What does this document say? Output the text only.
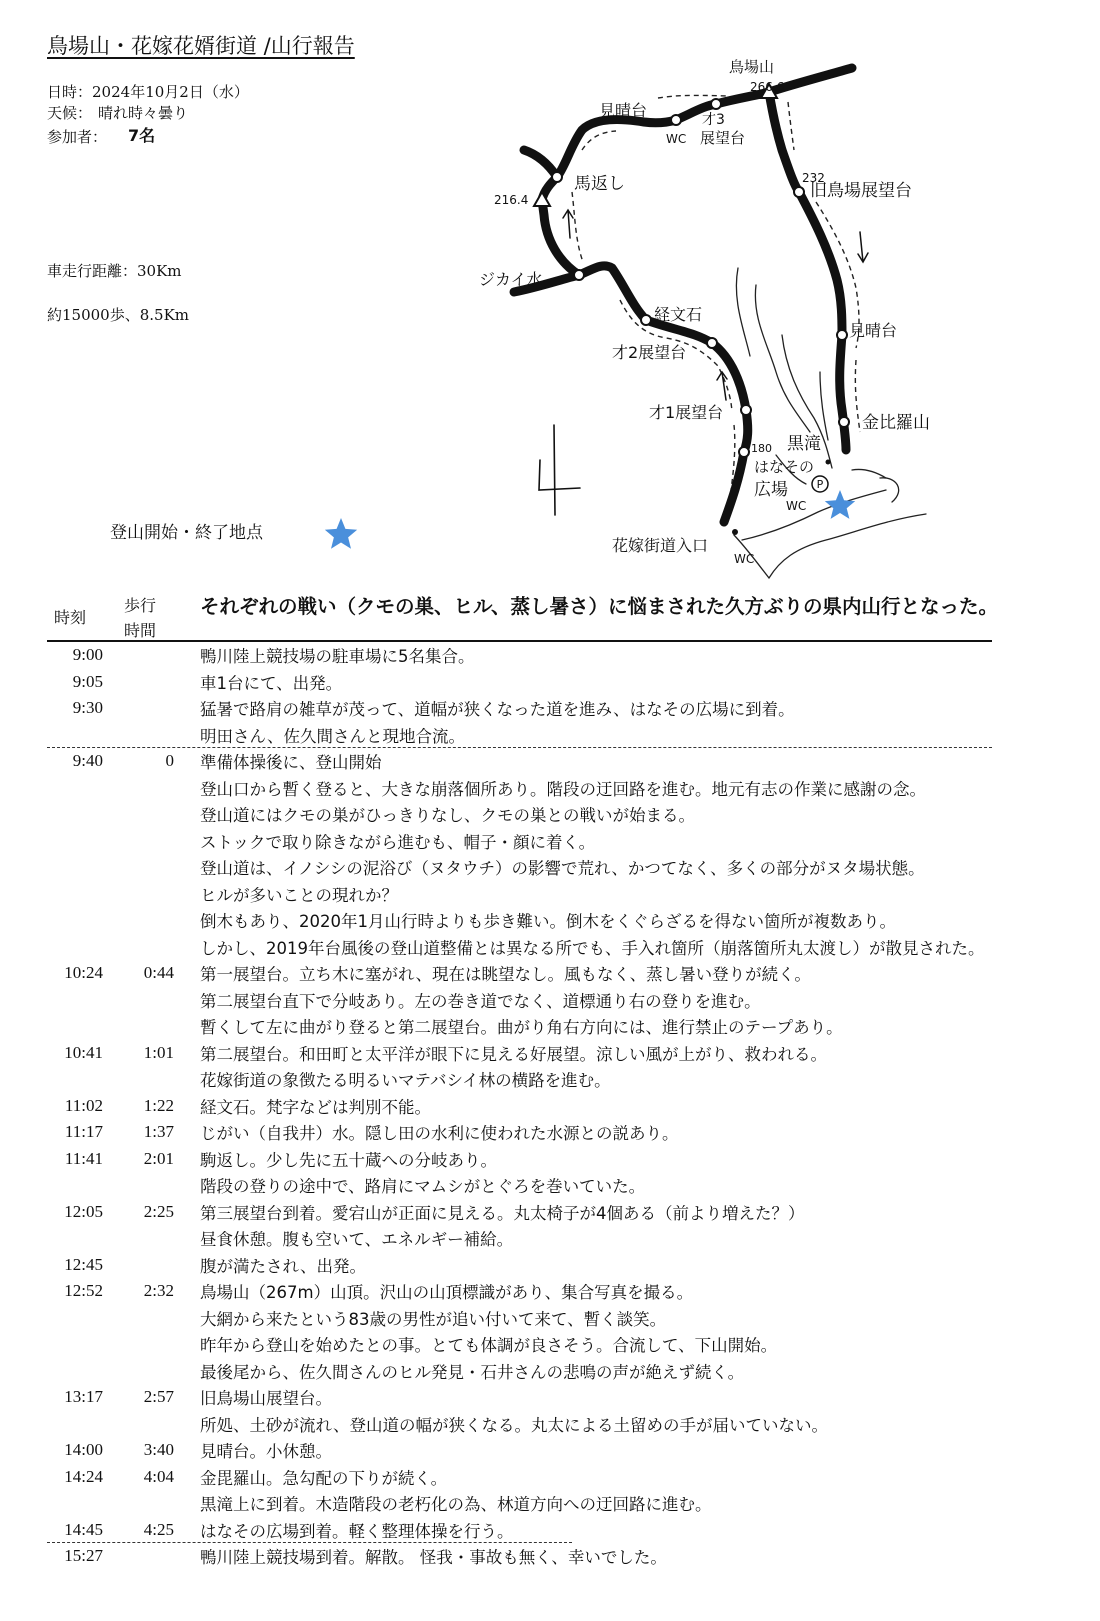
鳥場山・花嫁花婿街道 /山行報告
日時：2024年10月2日（水）
天候： 晴れ時々曇り
参加者： 7名
車走行距離：30Km
約15000歩、8.5Km
P
鳥場山
266.6
見晴台
WC
才3
展望台
馬返し
216.4
ジカイ水
経文石
才2展望台
才1展望台
180
232
旧鳥場展望台
見晴台
金比羅山
黒滝
はなその
広場
WC
花嫁街道入口
WC
登山開始・終了地点
時刻
歩行
時間
それぞれの戦い（クモの巣、ヒル、蒸し暑さ）に悩まされた久方ぶりの県内山行となった。
9:00	鴨川陸上競技場の駐車場に5名集合。
9:05	車1台にて、出発。
9:30	猛暑で路肩の雑草が茂って、道幅が狭くなった道を進み、はなその広場に到着。
明田さん、佐久間さんと現地合流。
9:40	0 準備体操後に、登山開始
登山口から暫く登ると、大きな崩落個所あり。階段の迂回路を進む。地元有志の作業に感謝の念。
登山道にはクモの巣がひっきりなし、クモの巣との戦いが始まる。
ストックで取り除きながら進むも、帽子・顔に着く。
登山道は、イノシシの泥浴び（ヌタウチ）の影響で荒れ、かつてなく、多くの部分がヌタ場状態。
ヒルが多いことの現れか？
倒木もあり、2020年1月山行時よりも歩き難い。倒木をくぐらざるを得ない箇所が複数あり。
しかし、2019年台風後の登山道整備とは異なる所でも、手入れ箇所（崩落箇所丸太渡し）が散見された。
10:24	0:44 第一展望台。立ち木に塞がれ、現在は眺望なし。風もなく、蒸し暑い登りが続く。
第二展望台直下で分岐あり。左の巻き道でなく、道標通り右の登りを進む。
暫くして左に曲がり登ると第二展望台。曲がり角右方向には、進行禁止のテープあり。
10:41	1:01 第二展望台。和田町と太平洋が眼下に見える好展望。涼しい風が上がり、救われる。
花嫁街道の象徴たる明るいマテバシイ林の横路を進む。
11:02	1:22 経文石。梵字などは判別不能。
11:17	1:37 じがい（自我井）水。隠し田の水利に使われた水源との説あり。
11:41	2:01 駒返し。少し先に五十蔵への分岐あり。
階段の登りの途中で、路肩にマムシがとぐろを巻いていた。
12:05	2:25 第三展望台到着。愛宕山が正面に見える。丸太椅子が4個ある（前より増えた？）
昼食休憩。腹も空いて、エネルギー補給。
12:45	腹が満たされ、出発。
12:52	2:32 鳥場山（267m）山頂。沢山の山頂標識があり、集合写真を撮る。
大網から来たという83歳の男性が追い付いて来て、暫く談笑。
昨年から登山を始めたとの事。とても体調が良さそう。合流して、下山開始。
最後尾から、佐久間さんのヒル発見・石井さんの悲鳴の声が絶えず続く。
13:17	2:57 旧鳥場山展望台。
所処、土砂が流れ、登山道の幅が狭くなる。丸太による土留めの手が届いていない。
14:00	3:40 見晴台。小休憩。
14:24	4:04 金毘羅山。急勾配の下りが続く。
黒滝上に到着。木造階段の老朽化の為、林道方向への迂回路に進む。
14:45	4:25 はなその広場到着。軽く整理体操を行う。
15:27	鴨川陸上競技場到着。解散。 怪我・事故も無く、幸いでした。
